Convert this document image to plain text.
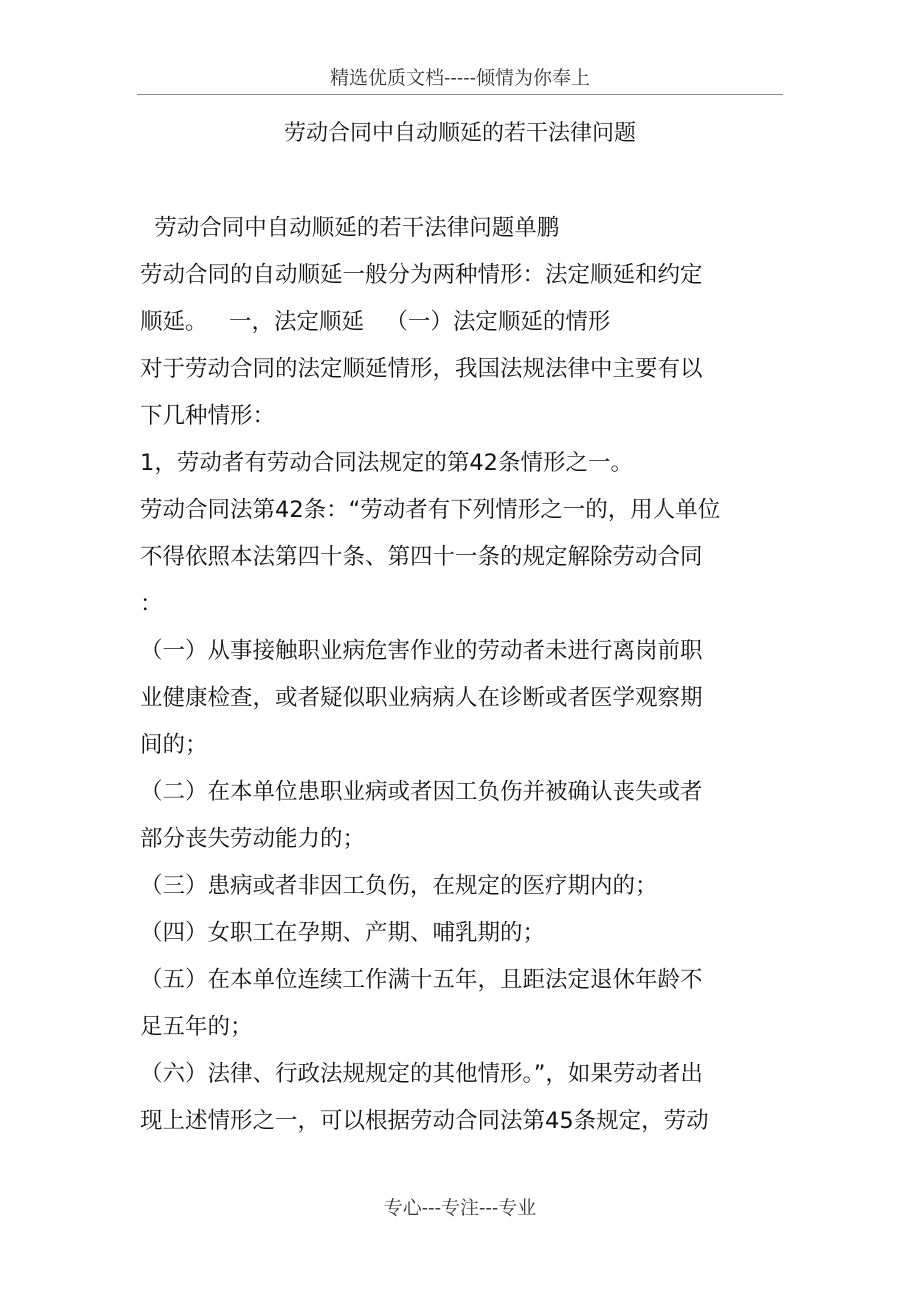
精选优质文档-----倾情为你奉上
劳动合同中自动顺延的若干法律问题
劳动合同中自动顺延的若干法律问题单鹏
劳动合同的自动顺延一般分为两种情形：法定顺延和约定
顺延。   一，法定顺延   （一）法定顺延的情形
对于劳动合同的法定顺延情形，我国法规法律中主要有以
下几种情形：
1，劳动者有劳动合同法规定的第42条情形之一。
劳动合同法第42条：“劳动者有下列情形之一的，用人单位
不得依照本法第四十条、第四十一条的规定解除劳动合同
：
（一）从事接触职业病危害作业的劳动者未进行离岗前职
业健康检查，或者疑似职业病病人在诊断或者医学观察期
间的；
（二）在本单位患职业病或者因工负伤并被确认丧失或者
部分丧失劳动能力的；
（三）患病或者非因工负伤，在规定的医疗期内的；
（四）女职工在孕期、产期、哺乳期的；
（五）在本单位连续工作满十五年，且距法定退休年龄不
足五年的；
（六）法律、行政法规规定的其他情形。”，如果劳动者出
现上述情形之一，可以根据劳动合同法第45条规定，劳动
专心---专注---专业
